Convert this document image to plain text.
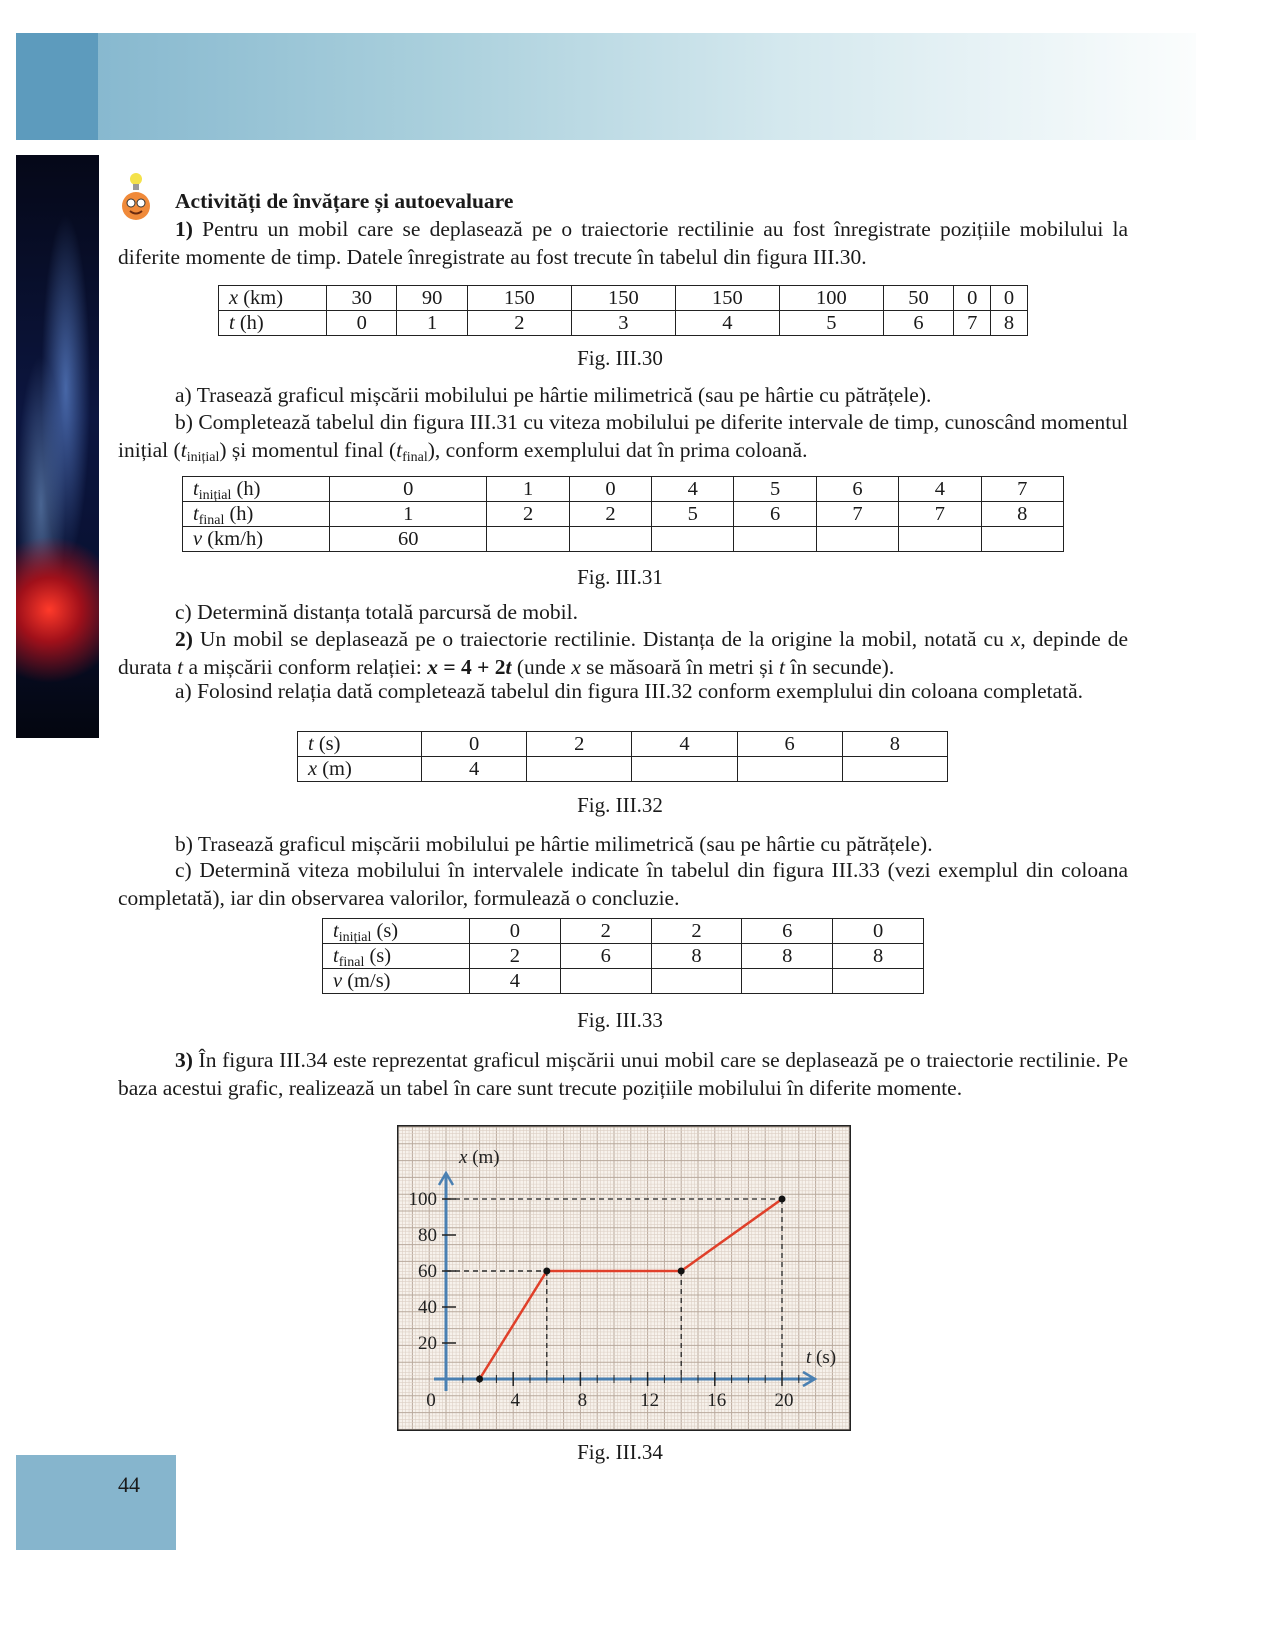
Activități de învățare și autoevaluare
1) Pentru un mobil care se deplasează pe o traiectorie rectilinie au fost înregistrate pozițiile mobilului la diferite momente de timp. Datele înregistrate au fost trecute în tabelul din figura III.30.
x (km)	30	90	150	150	150	100	50	0	0
t (h)	0	1	2	3	4	5	6	7	8
Fig. III.30
a) Trasează graficul mișcării mobilului pe hârtie milimetrică (sau pe hârtie cu pătrățele).
b) Completează tabelul din figura III.31 cu viteza mobilului pe diferite intervale de timp, cunoscând momentul inițial $(t_{inițial})$ și momentul final $(t_{final})$, conform exemplului dat în prima coloană.
$t_{inițial}$ (h)	0	1	0	4	5	6	4	7
$t_{final}$ (h)	1	2	2	5	6	7	7	8
v (km/h)	60							
Fig. III.31
c) Determină distanța totală parcursă de mobil.
2) Un mobil se deplasează pe o traiectorie rectilinie. Distanța de la origine la mobil, notată cu x, depinde de durata t a mișcării conform relației: x = 4 + 2t (unde x se măsoară în metri și t în secunde).
a) Folosind relația dată completează tabelul din figura III.32 conform exemplului din coloana completată.
t (s)	0	2	4	6	8
x (m)	4				
Fig. III.32
b) Trasează graficul mișcării mobilului pe hârtie milimetrică (sau pe hârtie cu pătrățele).
c) Determină viteza mobilului în intervalele indicate în tabelul din figura III.33 (vezi exemplul din coloana completată), iar din observarea valorilor, formulează o concluzie.
$t_{inițial}$ (s)	0	2	2	6	0
$t_{final}$ (s)	2	6	8	8	8
v (m/s)	4				
Fig. III.33
3) În figura III.34 este reprezentat graficul mișcării unui mobil care se deplasează pe o traiectorie rectilinie. Pe baza acestui grafic, realizează un tabel în care sunt trecute pozițiile mobilului în diferite momente.
20
40
60
80
100
4	8	12	16	20
0
x (m)
t (s)
Fig. III.34
44
